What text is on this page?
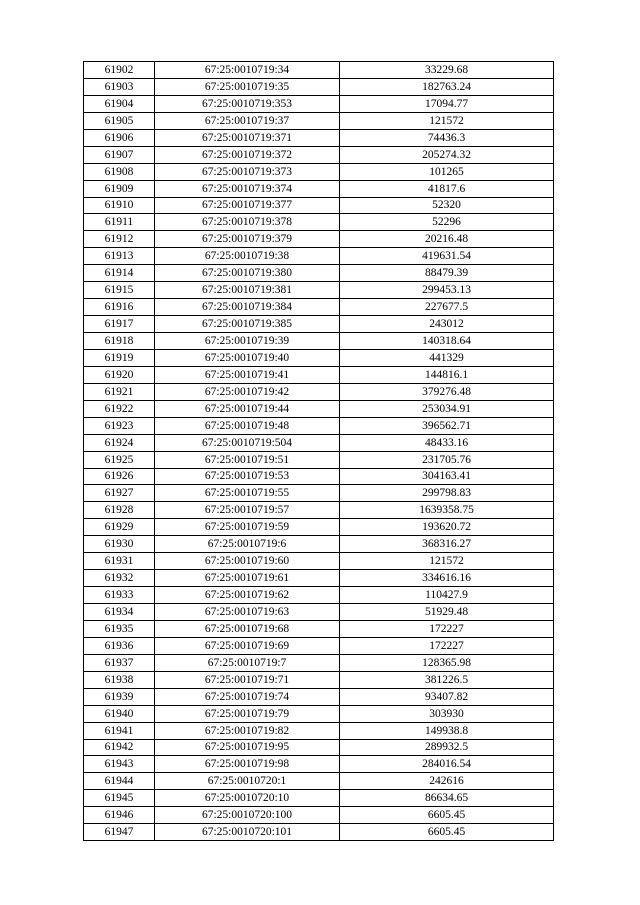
61902	67:25:0010719:34	33229.68
61903	67:25:0010719:35	182763.24
61904	67:25:0010719:353	17094.77
61905	67:25:0010719:37	121572
61906	67:25:0010719:371	74436.3
61907	67:25:0010719:372	205274.32
61908	67:25:0010719:373	101265
61909	67:25:0010719:374	41817.6
61910	67:25:0010719:377	52320
61911	67:25:0010719:378	52296
61912	67:25:0010719:379	20216.48
61913	67:25:0010719:38	419631.54
61914	67:25:0010719:380	88479.39
61915	67:25:0010719:381	299453.13
61916	67:25:0010719:384	227677.5
61917	67:25:0010719:385	243012
61918	67:25:0010719:39	140318.64
61919	67:25:0010719:40	441329
61920	67:25:0010719:41	144816.1
61921	67:25:0010719:42	379276.48
61922	67:25:0010719:44	253034.91
61923	67:25:0010719:48	396562.71
61924	67:25:0010719:504	48433.16
61925	67:25:0010719:51	231705.76
61926	67:25:0010719:53	304163.41
61927	67:25:0010719:55	299798.83
61928	67:25:0010719:57	1639358.75
61929	67:25:0010719:59	193620.72
61930	67:25:0010719:6	368316.27
61931	67:25:0010719:60	121572
61932	67:25:0010719:61	334616.16
61933	67:25:0010719:62	110427.9
61934	67:25:0010719:63	51929.48
61935	67:25:0010719:68	172227
61936	67:25:0010719:69	172227
61937	67:25:0010719:7	128365.98
61938	67:25:0010719:71	381226.5
61939	67:25:0010719:74	93407.82
61940	67:25:0010719:79	303930
61941	67:25:0010719:82	149938.8
61942	67:25:0010719:95	289932.5
61943	67:25:0010719:98	284016.54
61944	67:25:0010720:1	242616
61945	67:25:0010720:10	86634.65
61946	67:25:0010720:100	6605.45
61947	67:25:0010720:101	6605.45
